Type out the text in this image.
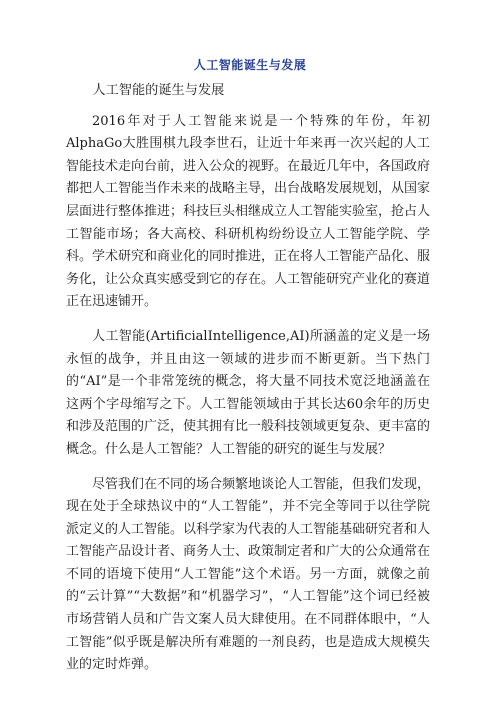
人工智能诞生与发展

人工智能的诞生与发展

2016年对于人工智能来说是一个特殊的年份，年初AlphaGo大胜围棋九段李世石，让近十年来再一次兴起的人工智能技术走向台前，进入公众的视野。在最近几年中，各国政府都把人工智能当作未来的战略主导，出台战略发展规划，从国家层面进行整体推进；科技巨头相继成立人工智能实验室，抢占人工智能市场；各大高校、科研机构纷纷设立人工智能学院、学科。学术研究和商业化的同时推进，正在将人工智能产品化、服务化，让公众真实感受到它的存在。人工智能研究产业化的赛道正在迅速铺开。

人工智能(ArtificialIntelligence,AI)所涵盖的定义是一场永恒的战争，并且由这一领域的进步而不断更新。当下热门的“AI”是一个非常笼统的概念，将大量不同技术宽泛地涵盖在这两个字母缩写之下。人工智能领域由于其长达60余年的历史和涉及范围的广泛，使其拥有比一般科技领域更复杂、更丰富的概念。什么是人工智能？人工智能的研究的诞生与发展？

尽管我们在不同的场合频繁地谈论人工智能，但我们发现，现在处于全球热议中的“人工智能”，并不完全等同于以往学院派定义的人工智能。以科学家为代表的人工智能基础研究者和人工智能产品设计者、商务人士、政策制定者和广大的公众通常在不同的语境下使用“人工智能”这个术语。另一方面，就像之前的“云计算”“大数据”和“机器学习”，“人工智能”这个词已经被市场营销人员和广告文案人员大肆使用。在不同群体眼中，“人工智能”似乎既是解决所有难题的一剂良药，也是造成大规模失业的定时炸弹。
